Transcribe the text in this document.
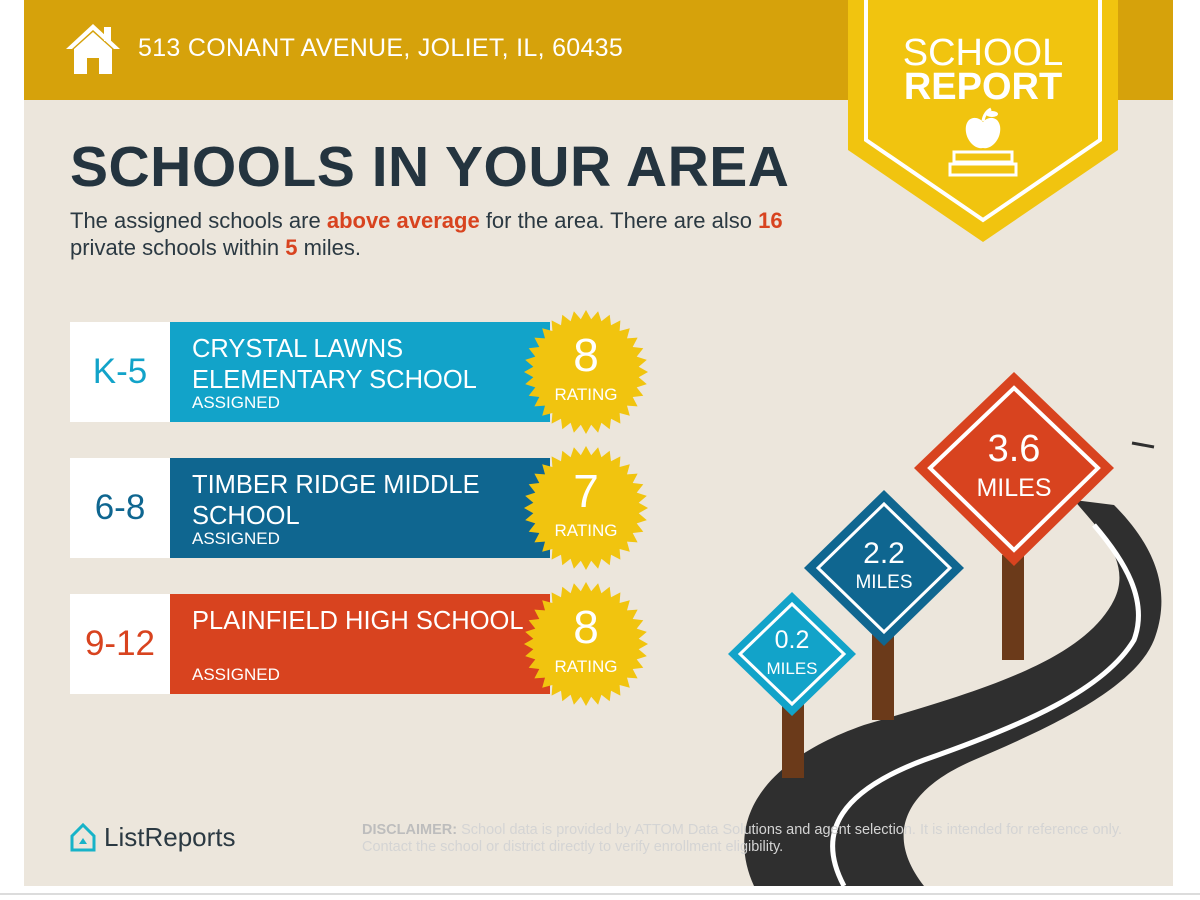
513 CONANT AVENUE, JOLIET, IL, 60435	SCHOOL
REPORT
SCHOOLS IN YOUR AREA
The assigned schools are above average for the area. There are also 16 private schools within 5 miles.
K-5
CRYSTAL LAWNS ELEMENTARY SCHOOL
ASSIGNED
8
RATING
6-8
TIMBER RIDGE MIDDLE SCHOOL
ASSIGNED
7
RATING
9-12
PLAINFIELD HIGH SCHOOL
ASSIGNED
8
RATING
0.2
MILES
2.2
MILES
3.6
MILES
ListReports	DISCLAIMER: School data is provided by ATTOM Data Solutions and agent selection. It is intended for reference only. Contact the school or district directly to verify enrollment eligibility.
